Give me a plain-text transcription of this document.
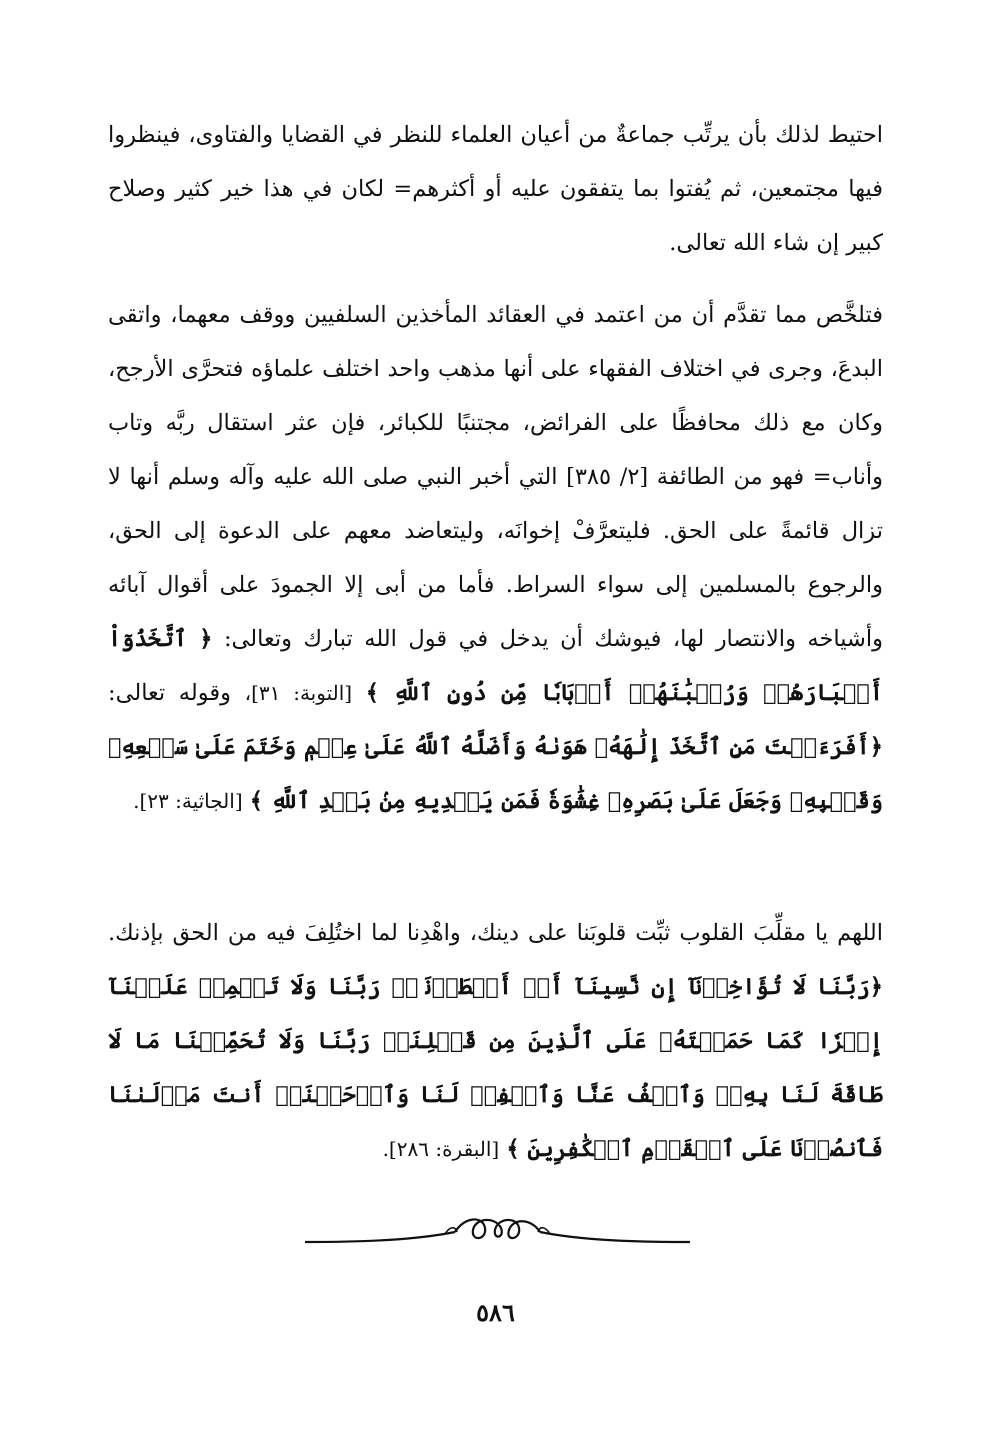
احتيط لذلك بأن يرتِّب جماعةٌ من أعيان العلماء للنظر في القضايا والفتاوى، فينظروا فيها مجتمعين، ثم يُفتوا بما يتفقون عليه أو أكثرهم= لكان في هذا خير كثير وصلاح كبير إن شاء الله تعالى.

فتلخَّص مما تقدَّم أن من اعتمد في العقائد المأخذين السلفيين ووقف معهما، واتقى البدعَ، وجرى في اختلاف الفقهاء على أنها مذهب واحد اختلف علماؤه فتحرَّى الأرجح، وكان مع ذلك محافظًا على الفرائض، مجتنبًا للكبائر، فإن عثر استقال ربَّه وتاب وأناب= فهو من الطائفة [٢/ ٣٨٥] التي أخبر النبي صلى الله عليه وآله وسلم أنها لا تزال قائمةً على الحق. فليتعرَّفْ إخوانَه، وليتعاضد معهم على الدعوة إلى الحق، والرجوع بالمسلمين إلى سواء السراط. فأما من أبى إلا الجمودَ على أقوال آبائه وأشياخه والانتصار لها، فيوشك أن يدخل في قول الله تبارك وتعالى: ﴿ ٱتَّخَذُوٓاْ أَحۡبَارَهُمۡ وَرُهۡبَٰنَهُمۡ أَرۡبَابٗا مِّن دُونِ ٱللَّهِ ﴾ [التوبة: ٣١]، وقوله تعالى: ﴿أَفَرَءَيۡتَ مَنِ ٱتَّخَذَ إِلَٰهَهُۥ هَوَىٰهُ وَأَضَلَّهُ ٱللَّهُ عَلَىٰ عِلۡمٖ وَخَتَمَ عَلَىٰ سَمۡعِهِۦ وَقَلۡبِهِۦ وَجَعَلَ عَلَىٰ بَصَرِهِۦ غِشَٰوَةٗ فَمَن يَهۡدِيهِ مِنۢ بَعۡدِ ٱللَّهِ ﴾ [الجاثية: ٢٣].

اللهم يا مقلِّبَ القلوب ثبِّت قلوبَنا على دينك، واهْدِنا لما اختُلِفَ فيه من الحق بإذنك. ﴿رَبَّنَا لَا تُؤَاخِذۡنَآ إِن نَّسِينَآ أَوۡ أَخۡطَأۡنَاۚ رَبَّنَا وَلَا تَحۡمِلۡ عَلَيۡنَآ إِصۡرٗا كَمَا حَمَلۡتَهُۥ عَلَى ٱلَّذِينَ مِن قَبۡلِنَاۚ رَبَّنَا وَلَا تُحَمِّلۡنَا مَا لَا طَاقَةَ لَنَا بِهِۦۖ وَٱعۡفُ عَنَّا وَٱغۡفِرۡ لَنَا وَٱرۡحَمۡنَآۚ أَنتَ مَوۡلَىٰنَا فَٱنصُرۡنَا عَلَى ٱلۡقَوۡمِ ٱلۡكَٰفِرِينَ ﴾ [البقرة: ٢٨٦].

٥٨٦
